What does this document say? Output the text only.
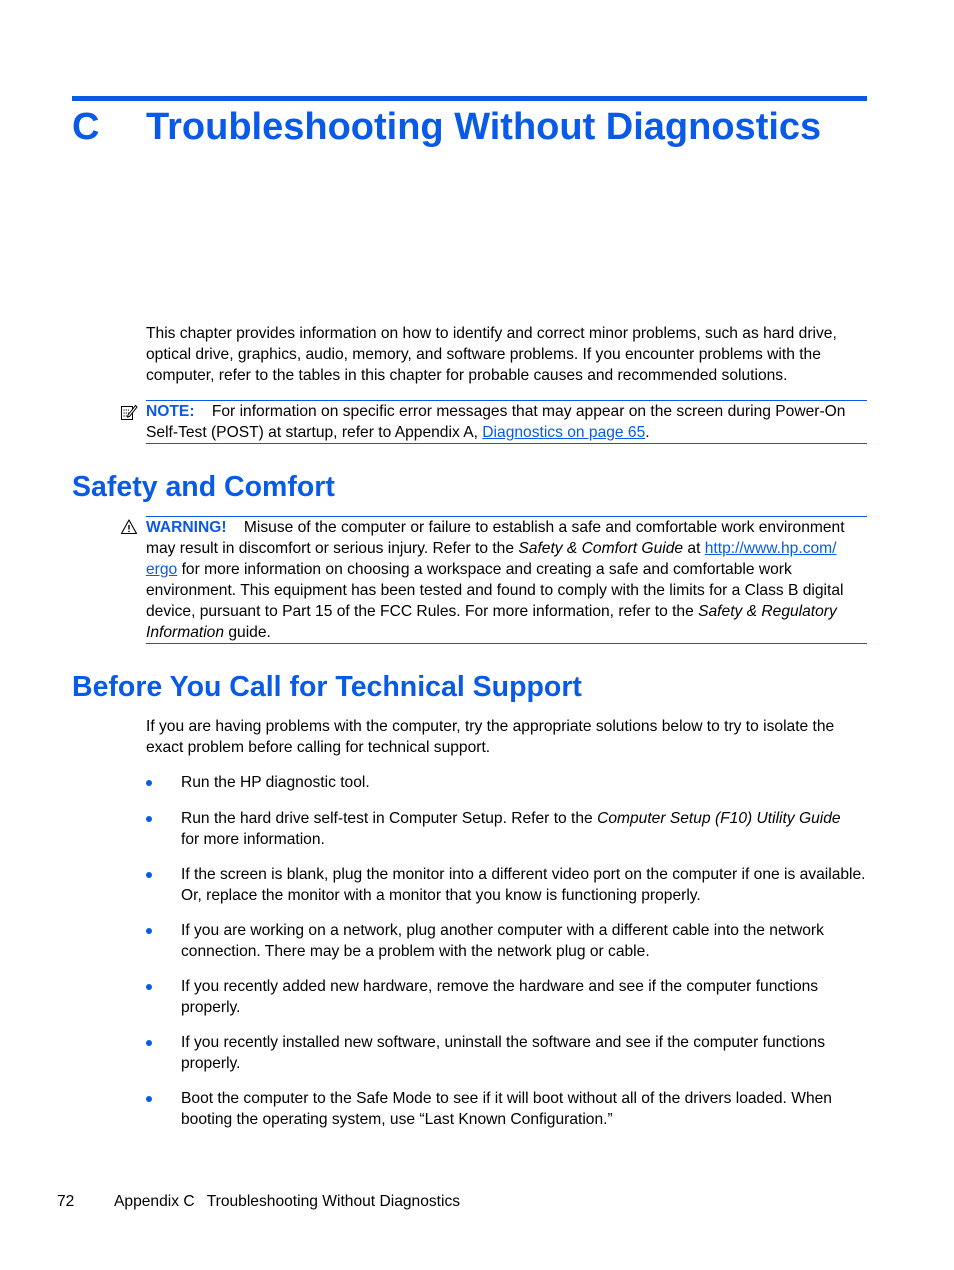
C Troubleshooting Without Diagnostics

This chapter provides information on how to identify and correct minor problems, such as hard drive, optical drive, graphics, audio, memory, and software problems. If you encounter problems with the computer, refer to the tables in this chapter for probable causes and recommended solutions.

NOTE: For information on specific error messages that may appear on the screen during Power-On Self-Test (POST) at startup, refer to Appendix A, Diagnostics on page 65.

Safety and Comfort

WARNING! Misuse of the computer or failure to establish a safe and comfortable work environment may result in discomfort or serious injury. Refer to the Safety & Comfort Guide at http://www.hp.com/
ergo for more information on choosing a workspace and creating a safe and comfortable work environment. This equipment has been tested and found to comply with the limits for a Class B digital device, pursuant to Part 15 of the FCC Rules. For more information, refer to the Safety & Regulatory
Information guide.

Before You Call for Technical Support

If you are having problems with the computer, try the appropriate solutions below to try to isolate the exact problem before calling for technical support.

Run the HP diagnostic tool.
Run the hard drive self-test in Computer Setup. Refer to the Computer Setup (F10) Utility Guide
for more information.
If the screen is blank, plug the monitor into a different video port on the computer if one is available. Or, replace the monitor with a monitor that you know is functioning properly.
If you are working on a network, plug another computer with a different cable into the network connection. There may be a problem with the network plug or cable.
If you recently added new hardware, remove the hardware and see if the computer functions properly.
If you recently installed new software, uninstall the software and see if the computer functions properly.
Boot the computer to the Safe Mode to see if it will boot without all of the drivers loaded. When booting the operating system, use “Last Known Configuration.”
72	Appendix C Troubleshooting Without Diagnostics
